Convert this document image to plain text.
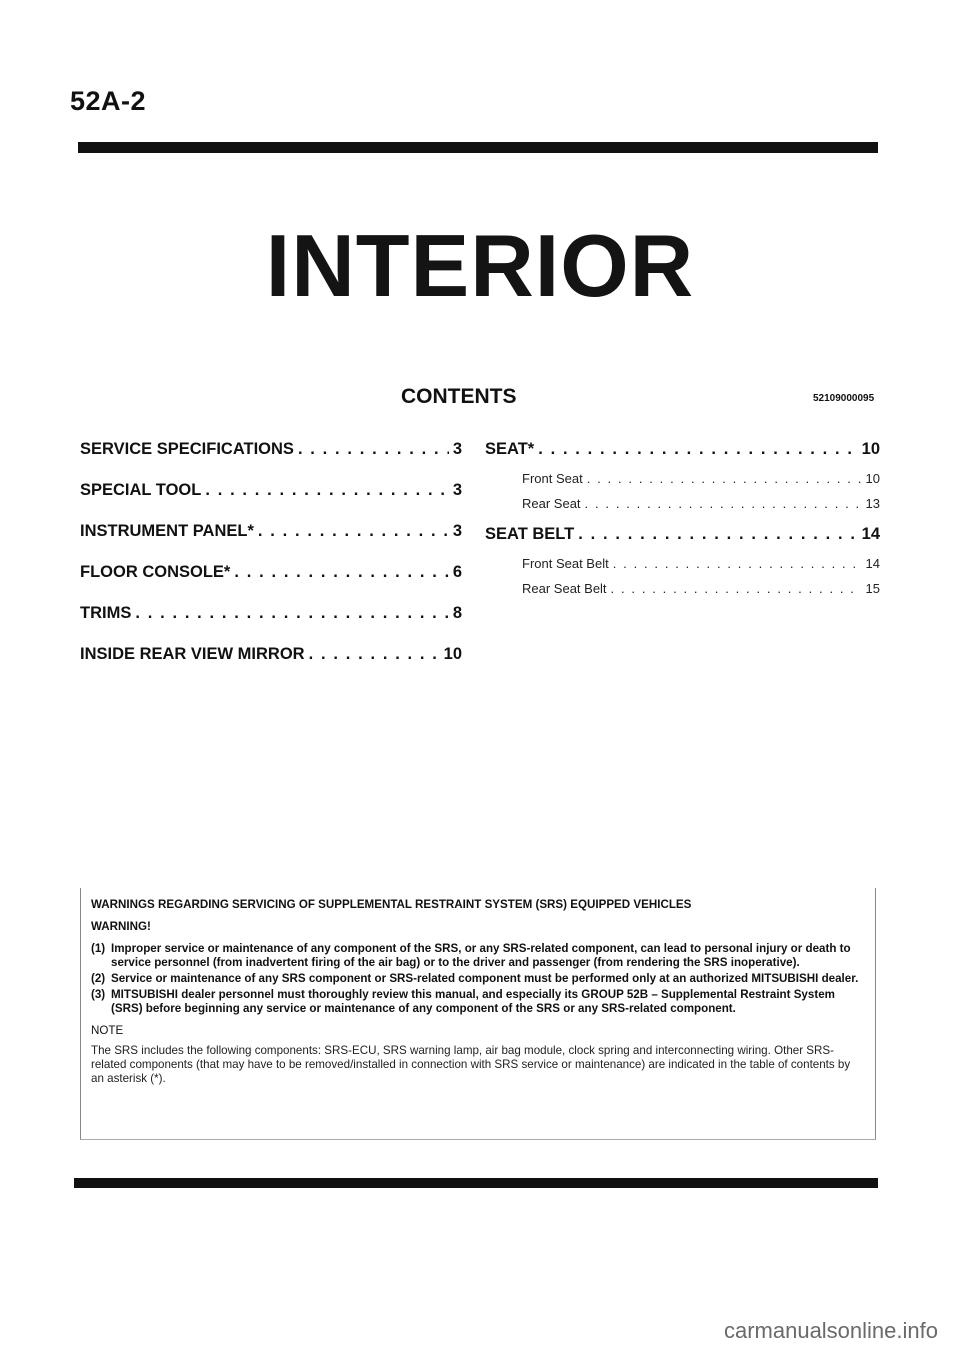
52A-2
INTERIOR
CONTENTS	52109000095
SERVICE SPECIFICATIONS . . .	3
SPECIAL TOOL . . .	3
INSTRUMENT PANEL* . . .	3
FLOOR CONSOLE* . . .	6
TRIMS . . .	8
INSIDE REAR VIEW MIRROR . . .	10
SEAT* . . .	10
Front Seat . . .	10
Rear Seat . . .	13
SEAT BELT . . .	14
Front Seat Belt . . .	14
Rear Seat Belt . . .	15
WARNINGS REGARDING SERVICING OF SUPPLEMENTAL RESTRAINT SYSTEM (SRS) EQUIPPED VEHICLES
WARNING!
(1) Improper service or maintenance of any component of the SRS, or any SRS-related component, can lead to personal injury or death to service personnel (from inadvertent firing of the air bag) or to the driver and passenger (from rendering the SRS inoperative).
(2) Service or maintenance of any SRS component or SRS-related component must be performed only at an authorized MITSUBISHI dealer.
(3) MITSUBISHI dealer personnel must thoroughly review this manual, and especially its GROUP 52B – Supplemental Restraint System (SRS) before beginning any service or maintenance of any component of the SRS or any SRS-related component.
NOTE
The SRS includes the following components: SRS-ECU, SRS warning lamp, air bag module, clock spring and interconnecting wiring. Other SRS-related components (that may have to be removed/installed in connection with SRS service or maintenance) are indicated in the table of contents by an asterisk (*).
carmanualsonline.info
